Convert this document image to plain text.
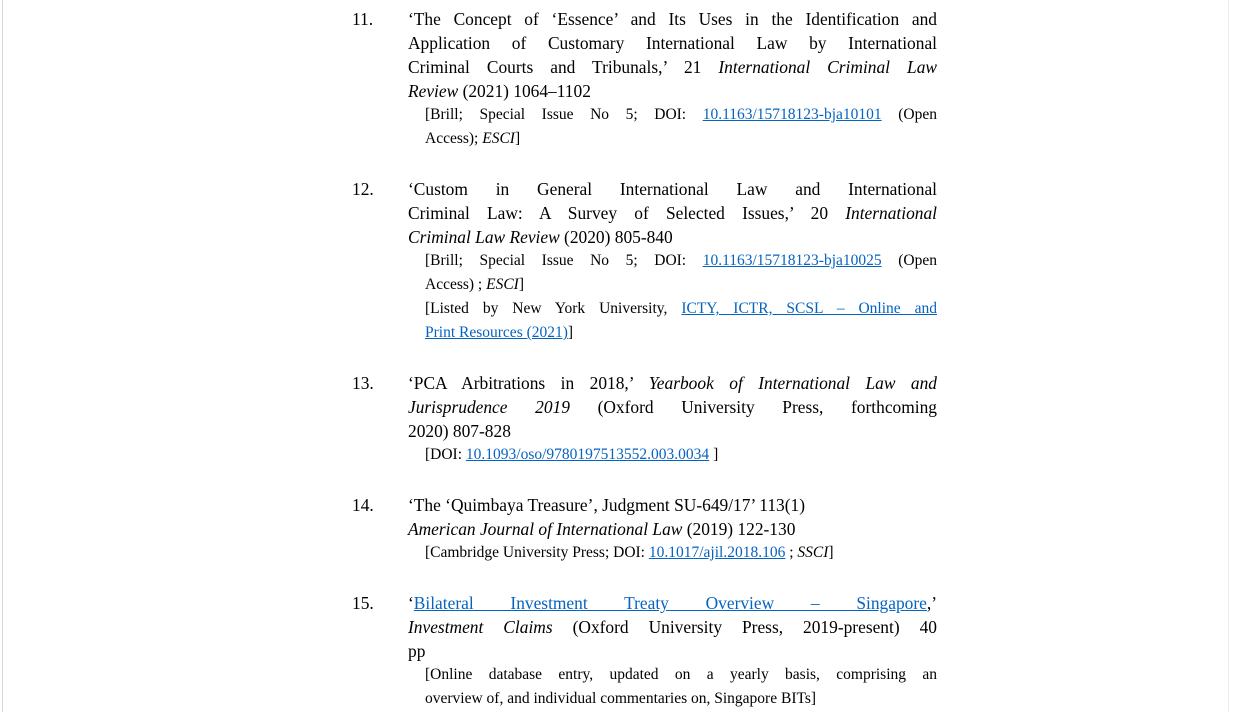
11. ‘The Concept of ‘Essence’ and Its Uses in the Identification and
Application of Customary International Law by International
Criminal Courts and Tribunals,’ 21 International Criminal Law
Review (2021) 1064–1102
[Brill; Special Issue No 5; DOI: 10.1163/15718123-bja10101 (Open
Access); ESCI]
12. ‘Custom in General International Law and International
Criminal Law: A Survey of Selected Issues,’ 20 International
Criminal Law Review (2020) 805-840
[Brill; Special Issue No 5; DOI: 10.1163/15718123-bja10025 (Open
Access) ; ESCI]
[Listed by New York University, ICTY, ICTR, SCSL – Online and
Print Resources (2021)]
13. ‘PCA Arbitrations in 2018,’ Yearbook of International Law and
Jurisprudence 2019 (Oxford University Press, forthcoming
2020) 807-828
[DOI: 10.1093/oso/9780197513552.003.0034 ]
14. ‘The ‘Quimbaya Treasure’, Judgment SU-649/17’ 113(1)
American Journal of International Law (2019) 122-130
[Cambridge University Press; DOI: 10.1017/ajil.2018.106 ; SSCI]
15. ‘Bilateral Investment Treaty Overview – Singapore,’
Investment Claims (Oxford University Press, 2019-present) 40
pp
[Online database entry, updated on a yearly basis, comprising an
overview of, and individual commentaries on, Singapore BITs]
